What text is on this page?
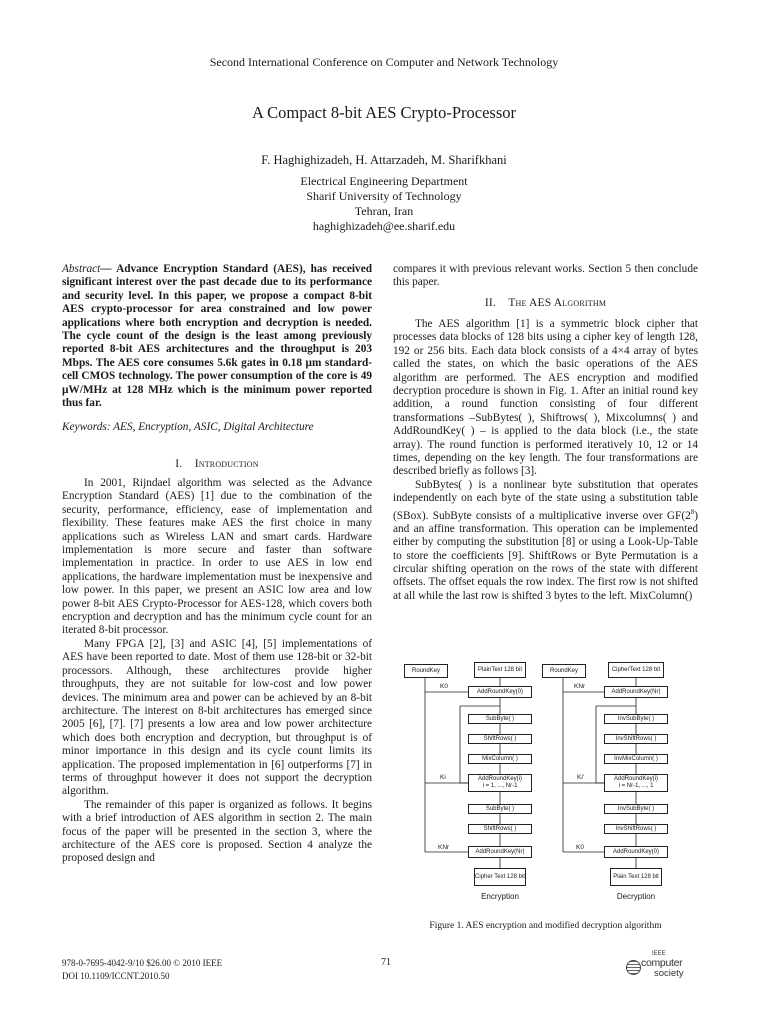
Second International Conference on Computer and Network Technology
A Compact 8-bit AES Crypto-Processor
F. Haghighizadeh, H. Attarzadeh, M. Sharifkhani
Electrical Engineering Department
Sharif University of Technology
Tehran, Iran
haghighizadeh@ee.sharif.edu
Abstract— Advance Encryption Standard (AES), has received significant interest over the past decade due to its performance and security level. In this paper, we propose a compact 8-bit AES crypto-processor for area constrained and low power applications where both encryption and decryption is needed. The cycle count of the design is the least among previously reported 8-bit AES architectures and the throughput is 203 Mbps. The AES core consumes 5.6k gates in 0.18 μm standard-cell CMOS technology. The power consumption of the core is 49 μW/MHz at 128 MHz which is the minimum power reported thus far.
Keywords: AES, Encryption, ASIC, Digital Architecture
I. Introduction

In 2001, Rijndael algorithm was selected as the Advance Encryption Standard (AES) [1] due to the combination of the security, performance, efficiency, ease of implementation and flexibility. These features make AES the first choice in many applications such as Wireless LAN and smart cards. Hardware implementation is more secure and faster than software implementation in practice. In order to use AES in low end applications, the hardware implementation must be inexpensive and low power. In this paper, we present an ASIC low area and low power 8-bit AES Crypto-Processor for AES-128, which covers both encryption and decryption and has the minimum cycle count for an iterated 8-bit processor.

Many FPGA [2], [3] and ASIC [4], [5] implementations of AES have been reported to date. Most of them use 128-bit or 32-bit processors. Although, these architectures provide higher throughputs, they are not suitable for low-cost and low power devices. The minimum area and power can be achieved by an 8-bit architecture. The interest on 8-bit architectures has emerged since 2005 [6], [7]. [7] presents a low area and low power architecture which does both encryption and decryption, but throughput is of minor importance in this design and its cycle count limits its application. The proposed implementation in [6] outperforms [7] in terms of throughput however it does not support the decryption algorithm.

The remainder of this paper is organized as follows. It begins with a brief introduction of AES algorithm in section 2. The main focus of the paper will be presented in the section 3, where the architecture of the AES core is proposed. Section 4 analyze the proposed design and

compares it with previous relevant works. Section 5 then conclude this paper.
II. The AES Algorithm

The AES algorithm [1] is a symmetric block cipher that processes data blocks of 128 bits using a cipher key of length 128, 192 or 256 bits. Each data block consists of a 4×4 array of bytes called the states, on which the basic operations of the AES algorithm are performed. The AES encryption and modified decryption procedure is shown in Fig. 1. After an initial round key addition, a round function consisting of four different transformations –SubBytes( ), Shiftrows( ), Mixcolumns( ) and AddRoundKey( ) – is applied to the data block (i.e., the state array). The round function is performed iteratively 10, 12 or 14 times, depending on the key length. The four transformations are described briefly as follows [3].

SubBytes( ) is a nonlinear byte substitution that operates independently on each byte of the state using a substitution table (SBox). SubByte consists of a multiplicative inverse over $GF(2^8)$ and an affine transformation. This operation can be implemented either by computing the substitution [8] or using a Look-Up-Table to store the coefficients [9]. ShiftRows or Byte Permutation is a circular shifting operation on the rows of the state with different offsets. The offset equals the row index. The first row is not shifted at all while the last row is shifted 3 bytes to the left. MixColumn()

RoundKey	PlainText 128 bit
K0
AddRoundKey(0)
SubByte( )
ShiftRows( )
MixColumn( )
Ki	AddRoundKey(i)
i = 1, ..., Nr-1
SubByte( )
ShiftRows( )
KNr
AddRoundKey(Nr)
Cipher Text 128 bit
Encryption
RoundKey	CipherText 128 bit
KNr
AddRoundKey(Nr)
InvSubByte( )
InvShiftRows( )
InvMixColumn( )
Ki'	AddRoundKey(i)
i = Nr-1, ..., 1
InvSubByte( )
InvShiftRows( )
K0
AddRoundKey(0)
Plain Text 128 bit
Decryption
Figure 1. AES encryption and modified decryption algorithm
978-0-7695-4042-9/10 $26.00 © 2010 IEEE
DOI 10.1109/ICCNT.2010.50
71
IEEE
computer
society
